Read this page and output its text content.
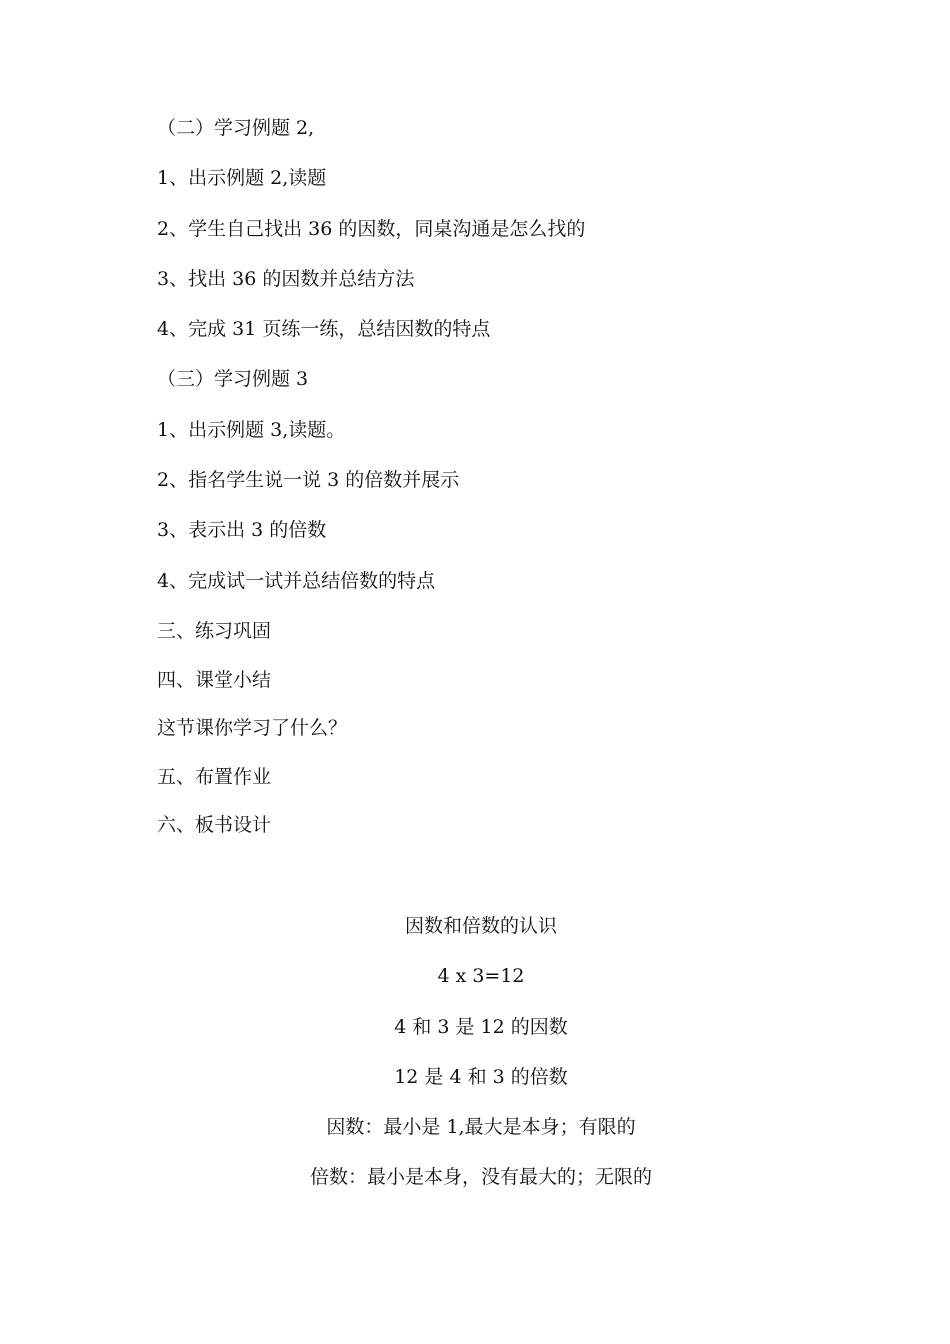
（二）学习例题 2,
1、出示例题 2,读题
2、学生自己找出 36 的因数，同桌沟通是怎么找的
3、找出 36 的因数并总结方法
4、完成 31 页练一练，总结因数的特点
（三）学习例题 3
1、出示例题 3,读题。
2、指名学生说一说 3 的倍数并展示
3、表示出 3 的倍数
4、完成试一试并总结倍数的特点
三、练习巩固
四、课堂小结
这节课你学习了什么？
五、布置作业
六、板书设计
因数和倍数的认识
4 x 3=12
4 和 3 是 12 的因数
12 是 4 和 3 的倍数
因数：最小是 1,最大是本身；有限的
倍数：最小是本身，没有最大的；无限的
